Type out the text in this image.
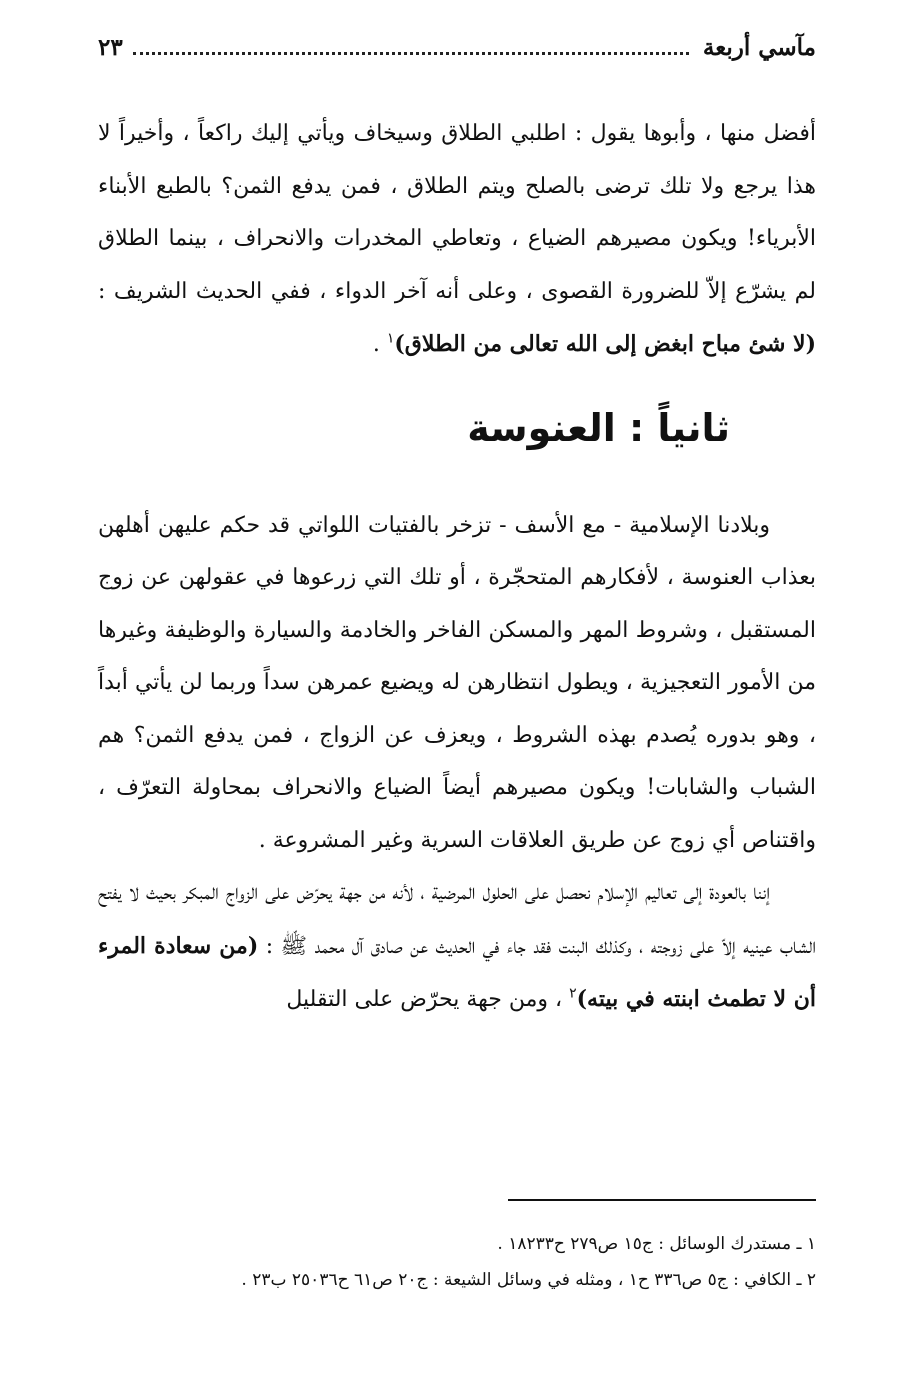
مآسي أربعة
٢٣

أفضل منها ، وأبوها يقول : اطلبي الطلاق وسيخاف ويأتي إليك راكعاً ، وأخيراً لا هذا يرجع ولا تلك ترضى بالصلح ويتم الطلاق ، فمن يدفع الثمن؟ بالطبع الأبناء الأبرياء! ويكون مصيرهم الضياع ، وتعاطي المخدرات والانحراف ، بينما الطلاق لم يشرّع إلاّ للضرورة القصوى ، وعلى أنه آخر الدواء ، ففي الحديث الشريف : (لا شئ مباح ابغض إلى الله تعالى من الطلاق)$^١$ .

ثانياً : العنوسة

وبلادنا الإسلامية - مع الأسف - تزخر بالفتيات اللواتي قد حكم عليهن أهلهن بعذاب العنوسة ، لأفكارهم المتحجّرة ، أو تلك التي زرعوها في عقولهن عن زوج المستقبل ، وشروط المهر والمسكن الفاخر والخادمة والسيارة والوظيفة وغيرها من الأمور التعجيزية ، ويطول انتظارهن له ويضيع عمرهن سداً وربما لن يأتي أبداً ، وهو بدوره يُصدم بهذه الشروط ، ويعزف عن الزواج ، فمن يدفع الثمن؟ هم الشباب والشابات! ويكون مصيرهم أيضاً الضياع والانحراف بمحاولة التعرّف ، واقتناص أي زوج عن طريق العلاقات السرية وغير المشروعة .

إننا بالعودة إلى تعاليم الإسلام نحصل على الحلول المرضية ، لأنه من جهة يحرّض على الزواج المبكر بحيث لا يفتح الشاب عينيه إلاّ على زوجته ، وكذلك البنت فقد جاء في الحديث عن صادق آل محمد ﷺ : (من سعادة المرء أن لا تطمث ابنته في بيته)$^٢$ ، ومن جهة يحرّض على التقليل

١ ـ مستدرك الوسائل : ج١٥ ص٢٧٩ ح١٨٢٣٣ .
٢ ـ الكافي : ج٥ ص٣٣٦ ح١ ، ومثله في وسائل الشيعة : ج٢٠ ص٦١ ح٢٥٠٣٦ ب٢٣ .
